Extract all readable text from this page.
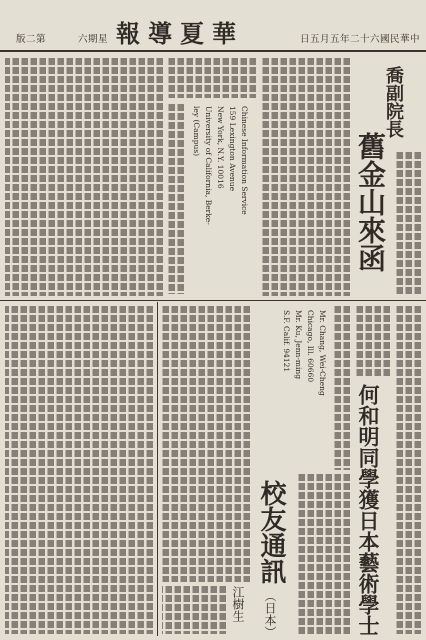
中華民國六十二年五月五日
華夏導報
星期六
第二版
喬副院長
舊金山來函
Chinese Information Service
159 Lexington Avenue
New York, N.Y. 10016
University of California, Berke-
ley (Campus)
何和明同學獲日本藝術學士
Mr. Chang, Wei-Cheng
Chicago, Ill. 60660
Mr. Ku, Jenn-ming
S.F. Calif. 94121
校友通訊
（日本）
江樹生
